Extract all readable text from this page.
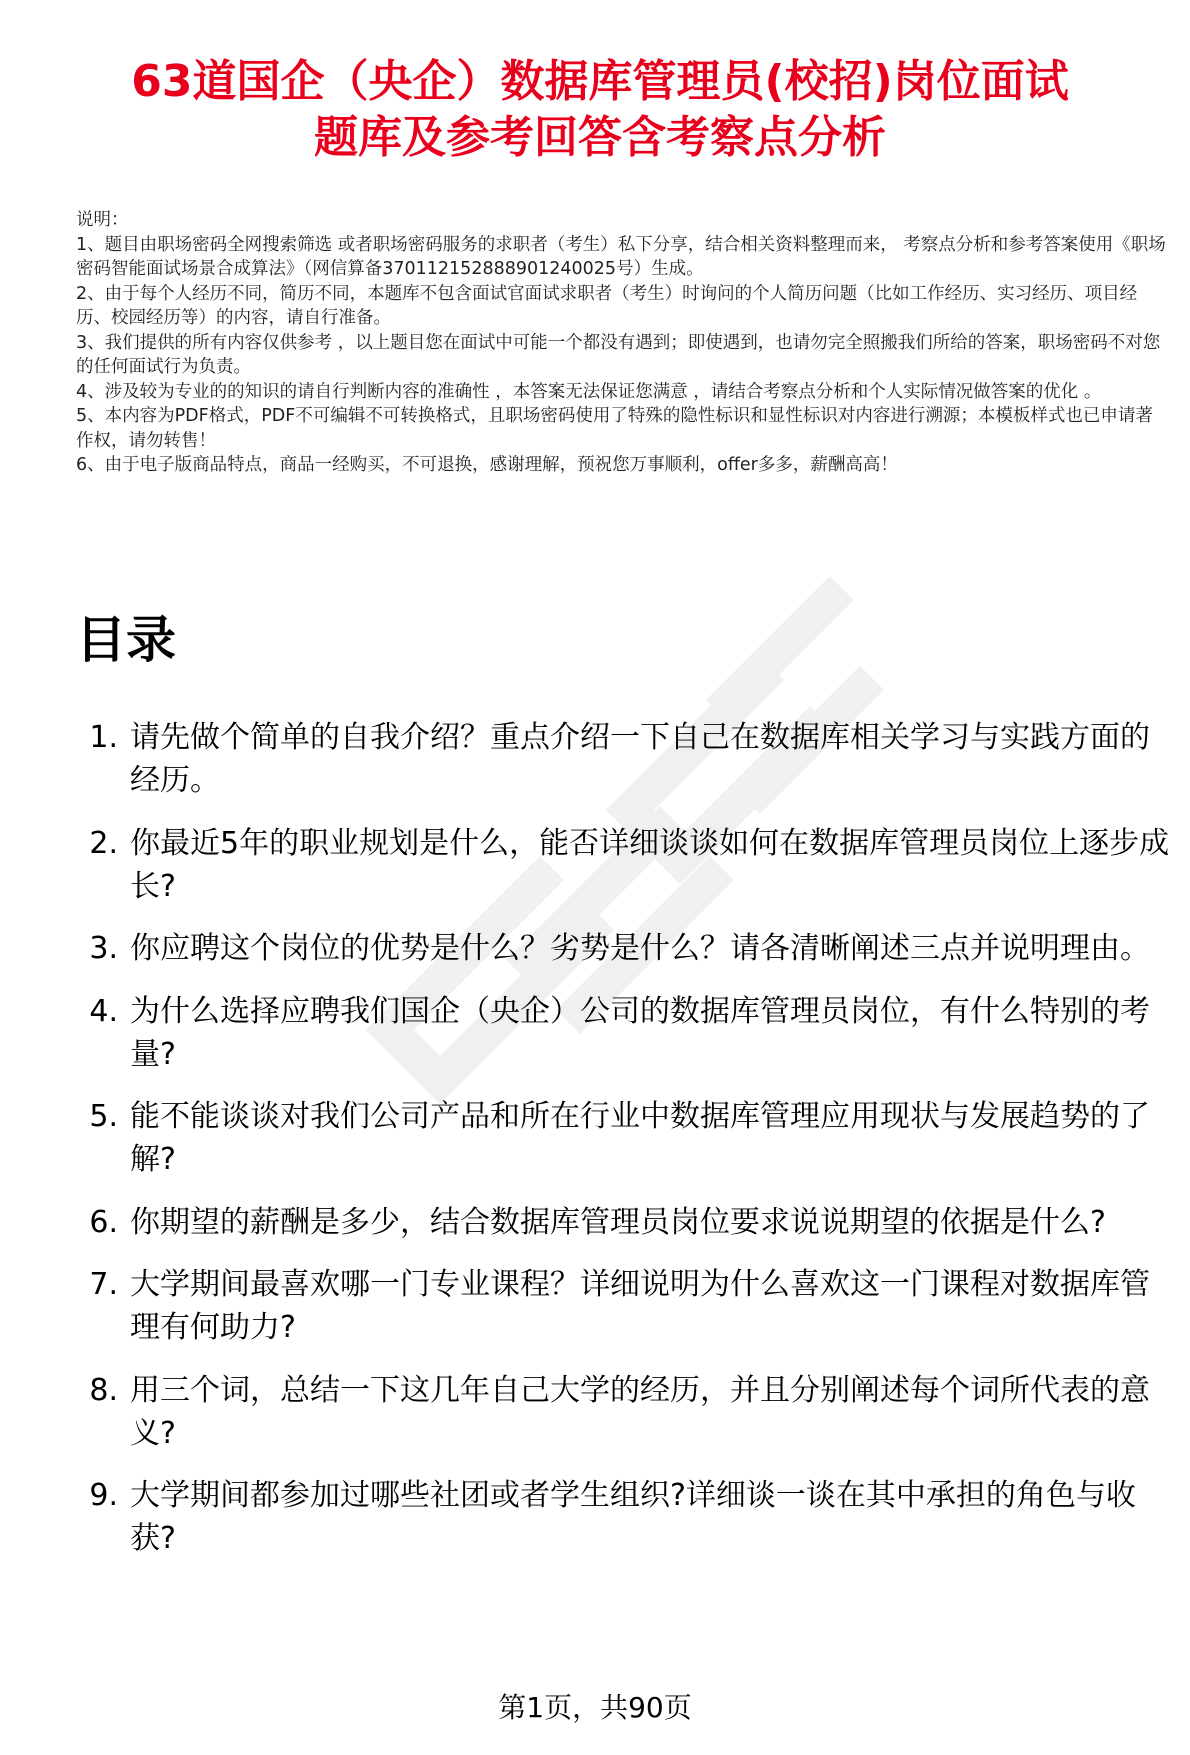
63道国企（央企）数据库管理员(校招)岗位面试
题库及参考回答含考察点分析

说明：

1、题目由职场密码全网搜索筛选 或者职场密码服务的求职者（考生）私下分享，结合相关资料整理而来， 考察点分析和参考答案使用《职场密码智能面试场景合成算法》（网信算备370112152888901240025号）生成。

2、由于每个人经历不同，简历不同，本题库不包含面试官面试求职者（考生）时询问的个人简历问题（比如工作经历、实习经历、项目经历、校园经历等）的内容，请自行准备。

3、我们提供的所有内容仅供参考 ，以上题目您在面试中可能一个都没有遇到；即使遇到，也请勿完全照搬我们所给的答案，职场密码不对您的任何面试行为负责。

4、涉及较为专业的的知识的请自行判断内容的准确性 ，本答案无法保证您满意 ，请结合考察点分析和个人实际情况做答案的优化 。

5、本内容为PDF格式，PDF不可编辑不可转换格式，且职场密码使用了特殊的隐性标识和显性标识对内容进行溯源；本模板样式也已申请著作权，请勿转售！

6、由于电子版商品特点，商品一经购买，不可退换，感谢理解，预祝您万事顺利，offer多多，薪酬高高！

目录
1. 请先做个简单的自我介绍？重点介绍一下自己在数据库相关学习与实践方面的经历。
2. 你最近5年的职业规划是什么，能否详细谈谈如何在数据库管理员岗位上逐步成长?
3. 你应聘这个岗位的优势是什么？劣势是什么？请各清晰阐述三点并说明理由。
4. 为什么选择应聘我们国企（央企）公司的数据库管理员岗位，有什么特别的考量?
5. 能不能谈谈对我们公司产品和所在行业中数据库管理应用现状与发展趋势的了解?
6. 你期望的薪酬是多少，结合数据库管理员岗位要求说说期望的依据是什么?
7. 大学期间最喜欢哪一门专业课程？详细说明为什么喜欢这一门课程对数据库管理有何助力?
8. 用三个词，总结一下这几年自己大学的经历，并且分别阐述每个词所代表的意义?
9. 大学期间都参加过哪些社团或者学生组织?详细谈一谈在其中承担的角色与收获?
第1页，共90页
